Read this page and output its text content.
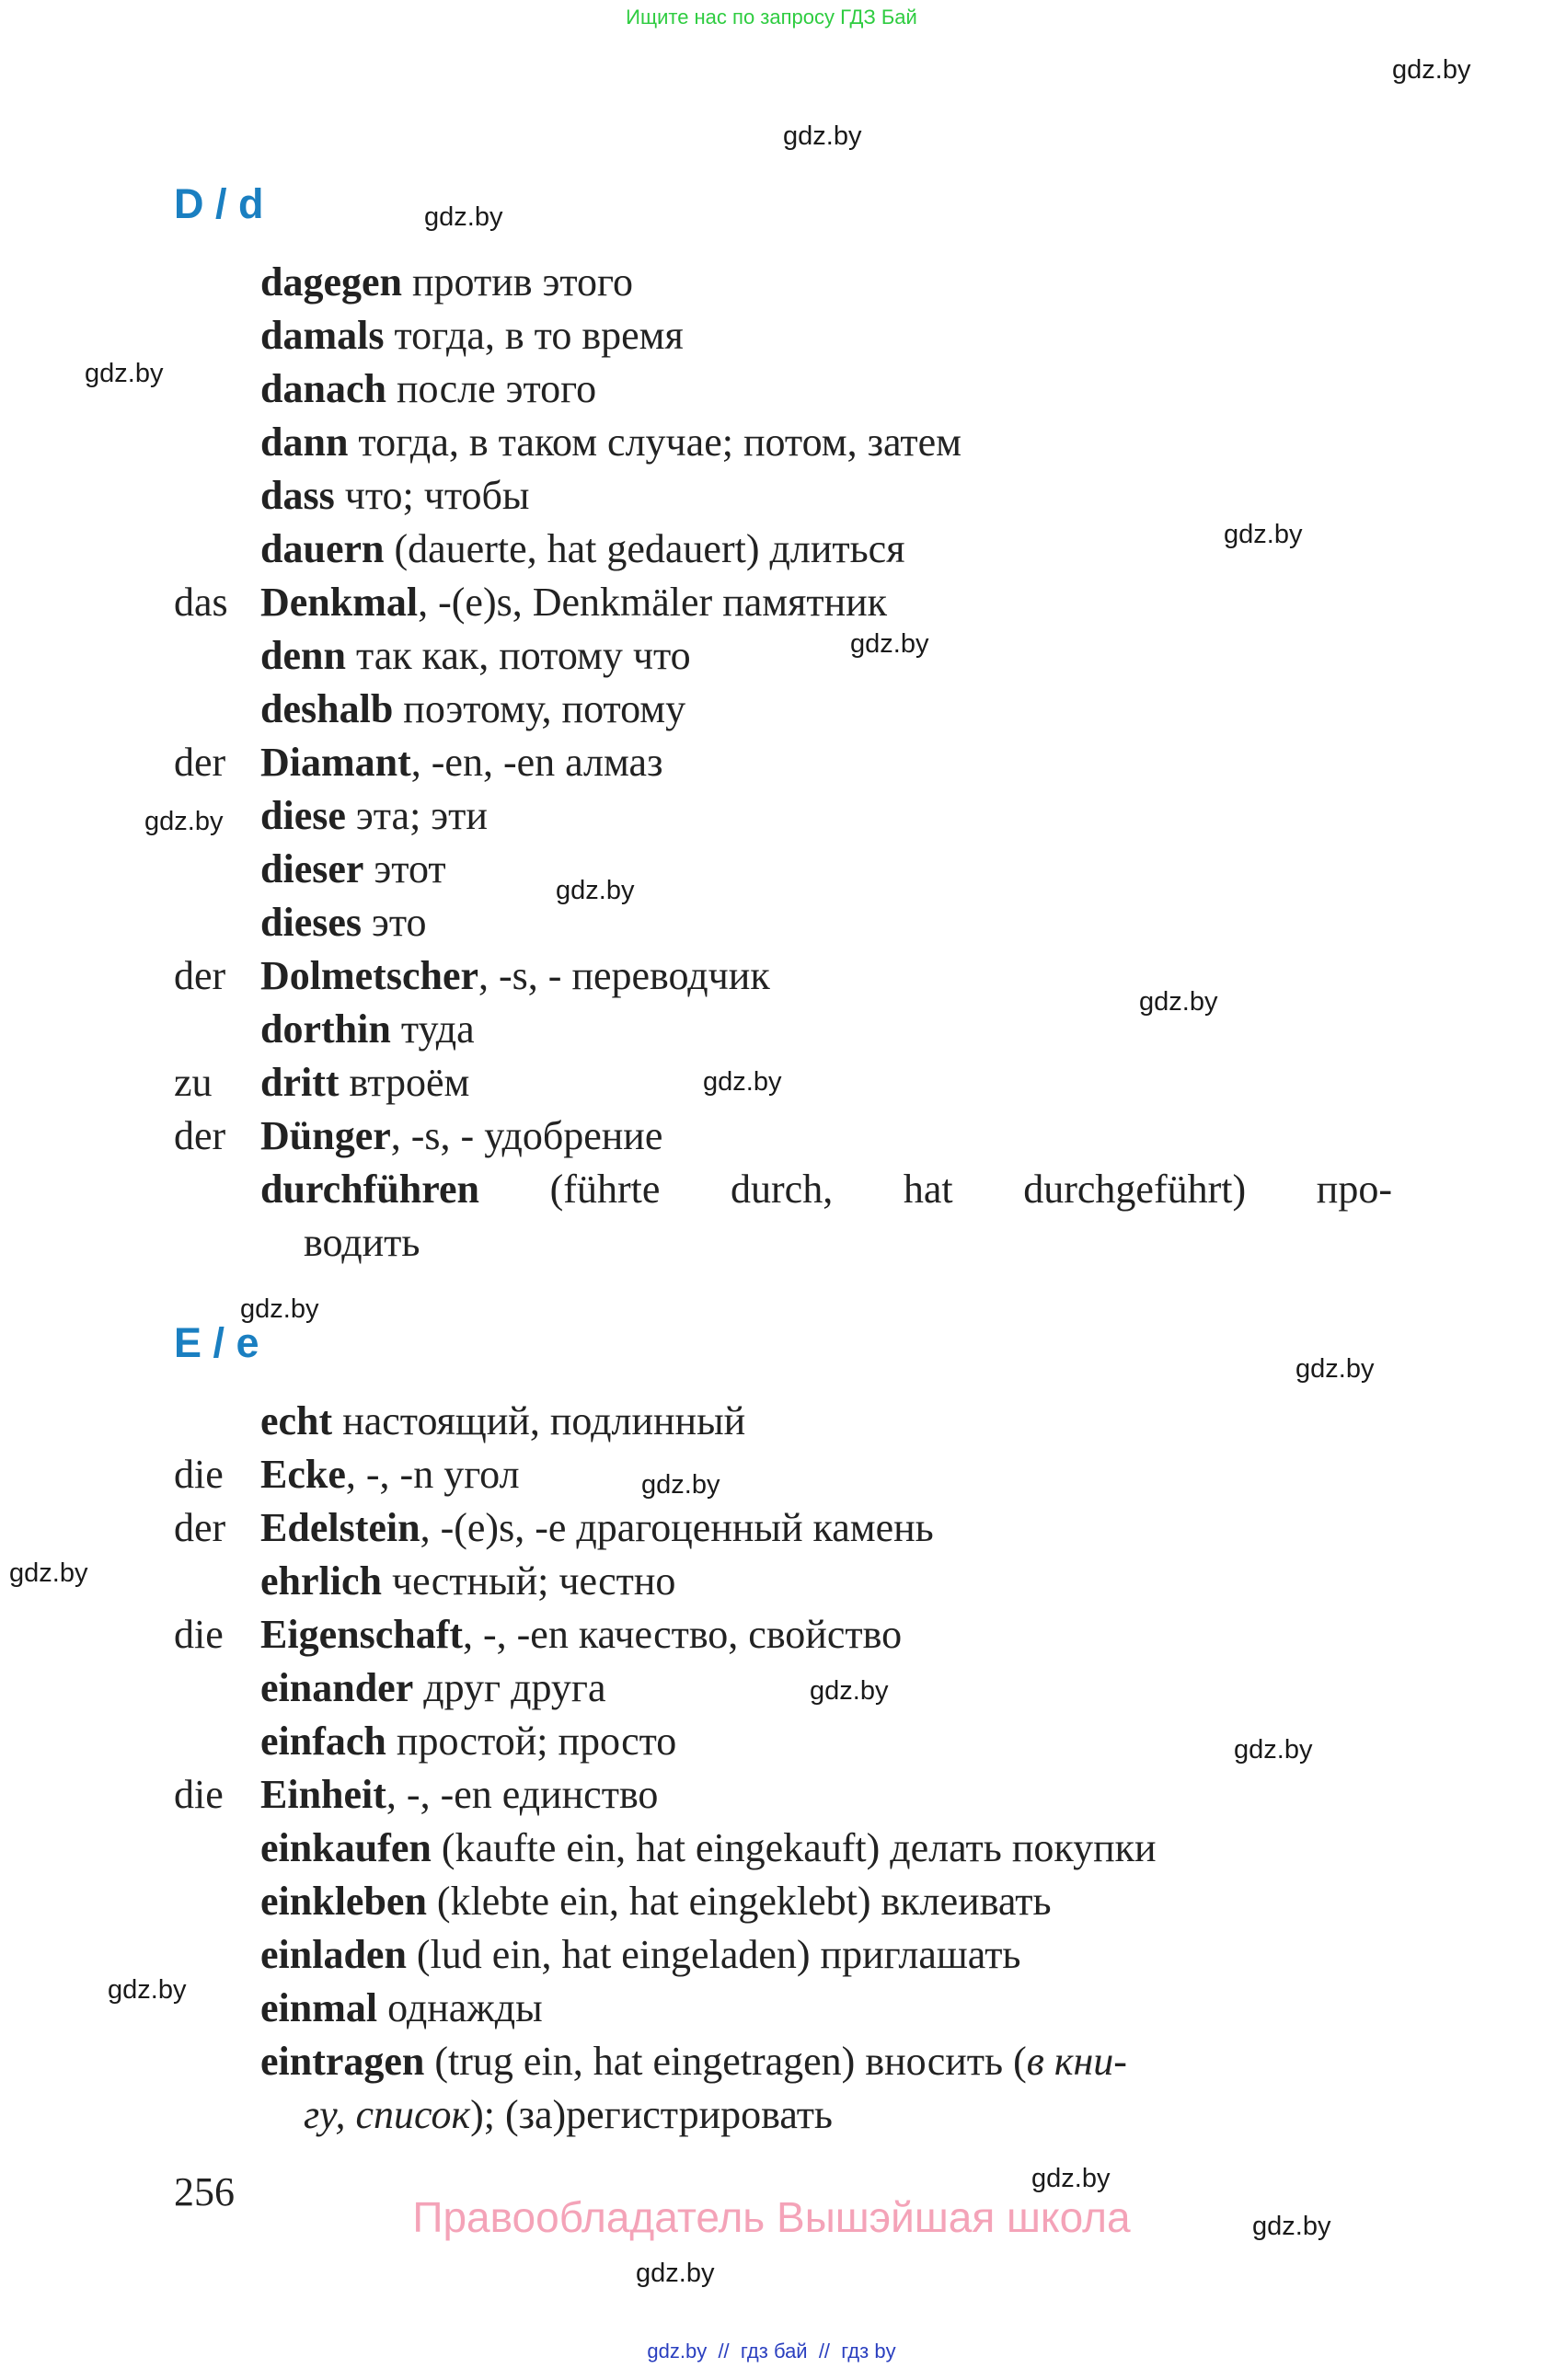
Ищите нас по запросу ГДЗ Бай
gdz.by
gdz.by
gdz.by
gdz.by
gdz.by
gdz.by
gdz.by
gdz.by
gdz.by
gdz.by
gdz.by
gdz.by
gdz.by
gdz.by
gdz.by
gdz.by
gdz.by
gdz.by
gdz.by
gdz.by
D / d
dagegen против этого
damals тогда, в то время
danach после этого
dann тогда, в таком случае; потом, затем
dass что; чтобы
dauern (dauerte, hat gedauert) длиться
das Denkmal, -(e)s, Denkmäler памятник
denn так как, потому что
deshalb поэтому, потому
der Diamant, -en, -en алмаз
diese эта; эти
dieser этот
dieses это
der Dolmetscher, -s, - переводчик
dorthin туда
zu dritt втроём
der Dünger, -s, - удобрение
durchführen (führte durch, hat durchgeführt) про-
водить
E / e
echt настоящий, подлинный
die Ecke, -, -n угол
der Edelstein, -(e)s, -e драгоценный камень
ehrlich честный; честно
die Eigenschaft, -, -en качество, свойство
einander друг друга
einfach простой; просто
die Einheit, -, -en единство
einkaufen (kaufte ein, hat eingekauft) делать покупки
einkleben (klebte ein, hat eingeklebt) вклеивать
einladen (lud ein, hat eingeladen) приглашать
einmal однажды
eintragen (trug ein, hat eingetragen) вносить (в кни-
гу, список); (за)регистрировать
256
Правообладатель Вышэйшая школа
gdz.by  //  гдз бай  //  гдз by
